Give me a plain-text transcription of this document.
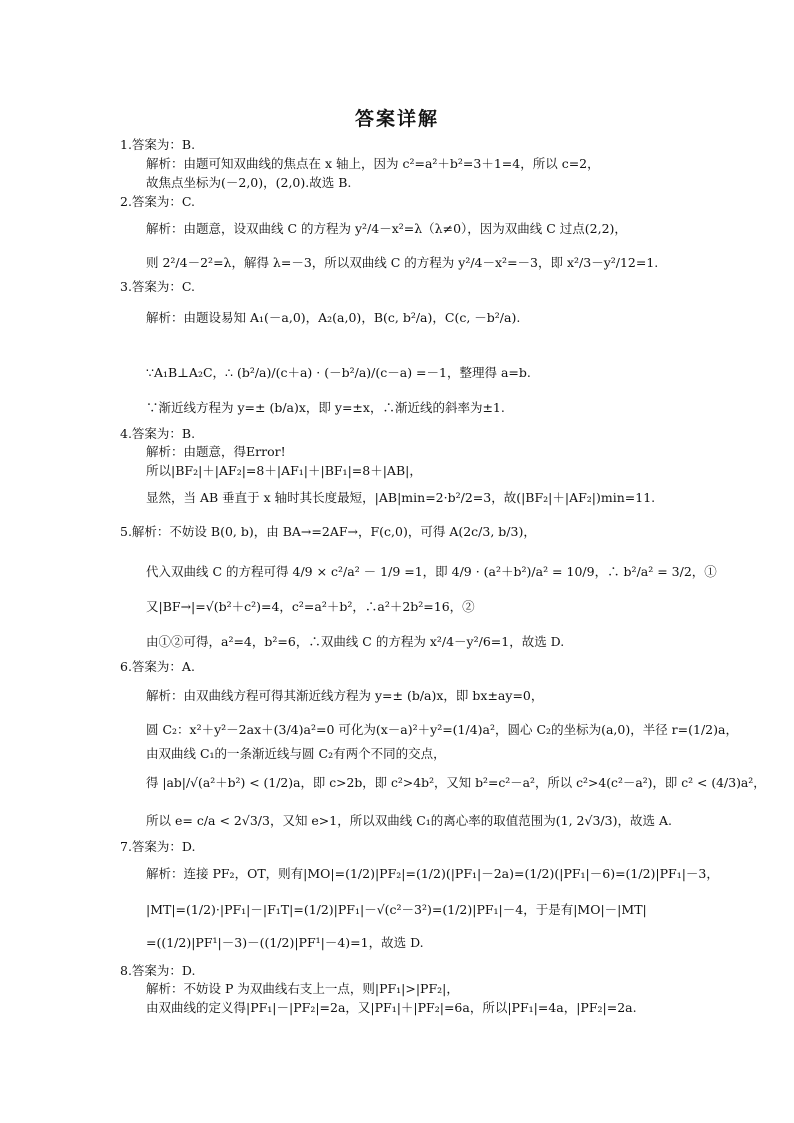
答案详解
1.答案为：B.
解析：由题可知双曲线的焦点在 x 轴上，因为 c²=a²＋b²=3＋1=4，所以 c=2，
故焦点坐标为(－2,0)，(2,0).故选 B.
2.答案为：C.
解析：由题意，设双曲线 C 的方程为 y²/4－x²=λ（λ≠0），因为双曲线 C 过点(2,2)，
则 2²/4－2²=λ，解得 λ=－3，所以双曲线 C 的方程为 y²/4－x²=－3，即 x²/3－y²/12=1.
3.答案为：C.
解析：由题设易知 A₁(－a,0)，A₂(a,0)，B(c, b²/a)，C(c, －b²/a).
∵A₁B⊥A₂C，∴ (b²/a)/(c＋a) · (－b²/a)/(c－a) =－1，整理得 a=b.
∵渐近线方程为 y=± (b/a)x，即 y=±x，∴渐近线的斜率为±1.
4.答案为：B.
解析：由题意，得Error!
所以|BF₂|＋|AF₂|=8＋|AF₁|＋|BF₁|=8＋|AB|，
显然，当 AB 垂直于 x 轴时其长度最短，|AB|min=2·b²/2=3，故(|BF₂|＋|AF₂|)min=11.
5.解析：不妨设 B(0, b)，由 BA→=2AF→，F(c,0)，可得 A(2c/3, b/3)，
代入双曲线 C 的方程可得 4/9 × c²/a² － 1/9 =1，即 4/9 · (a²＋b²)/a² = 10/9，∴ b²/a² = 3/2，①
又|BF→|=√(b²＋c²)=4，c²=a²＋b²，∴a²＋2b²=16，②
由①②可得，a²=4，b²=6，∴双曲线 C 的方程为 x²/4－y²/6=1，故选 D.
6.答案为：A.
解析：由双曲线方程可得其渐近线方程为 y=± (b/a)x，即 bx±ay=0，
圆 C₂：x²＋y²－2ax＋(3/4)a²=0 可化为(x－a)²＋y²=(1/4)a²，圆心 C₂的坐标为(a,0)，半径 r=(1/2)a，
由双曲线 C₁的一条渐近线与圆 C₂有两个不同的交点，
得 |ab|/√(a²＋b²) < (1/2)a，即 c>2b，即 c²>4b²，又知 b²=c²－a²，所以 c²>4(c²－a²)，即 c² < (4/3)a²，
所以 e= c/a < 2√3/3，又知 e>1，所以双曲线 C₁的离心率的取值范围为(1, 2√3/3)，故选 A.
7.答案为：D.
解析：连接 PF₂，OT，则有|MO|=(1/2)|PF₂|=(1/2)(|PF₁|－2a)=(1/2)(|PF₁|－6)=(1/2)|PF₁|－3，
|MT|=(1/2)·|PF₁|－|F₁T|=(1/2)|PF₁|－√(c²－3²)=(1/2)|PF₁|－4，于是有|MO|－|MT|
=((1/2)|PF¹|－3)－((1/2)|PF¹|－4)=1，故选 D.
8.答案为：D.
解析：不妨设 P 为双曲线右支上一点，则|PF₁|>|PF₂|，
由双曲线的定义得|PF₁|－|PF₂|=2a，又|PF₁|＋|PF₂|=6a，所以|PF₁|=4a，|PF₂|=2a.
